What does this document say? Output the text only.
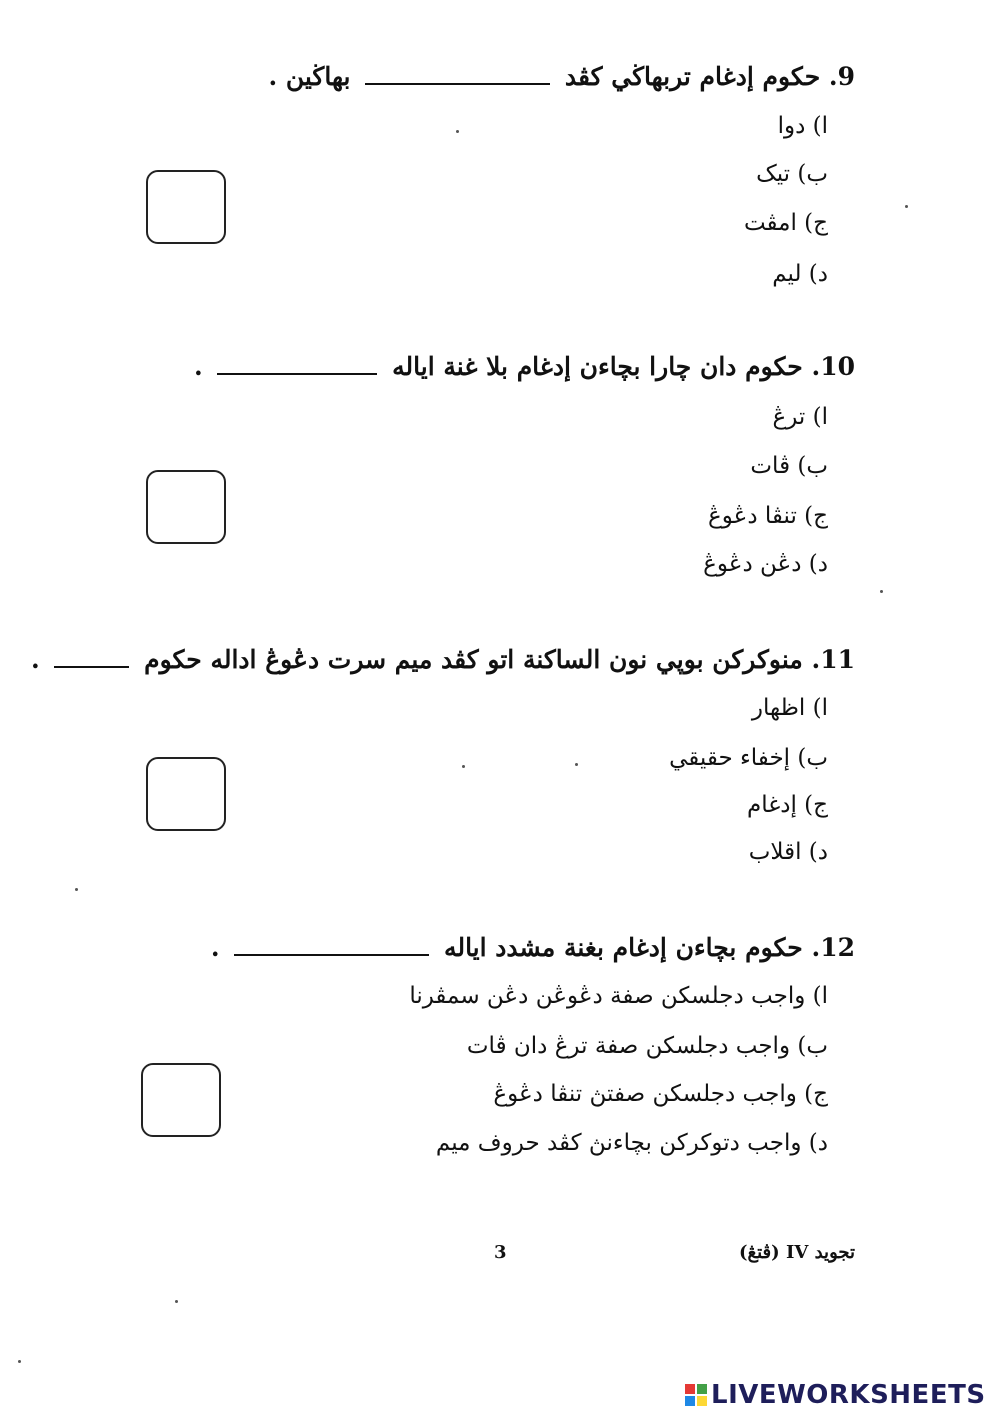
9. حكوم إدغام تربهاڬي كڤد  بهاڬين .
ا) دوا
ب) تيک
ج) امڤت
د) ليم
10. حكوم دان چارا بچاءن إدغام بلا غنة اياله  .
ا) ترڠ
ب) ڤات
ج) تنڤا دڠوڠ
د) دڠن دڠوڠ
11. منوكركن بوڽي نون الساكنة اتو كڤد ميم سرت دڠوڠ اداله حكوم  .
ا) اظهار
ب) إخفاء حقيقي
ج) إدغام
د) اقلاب
12. حكوم بچاءن إدغام بغنة مشدد ايالە  .
ا) واجب دجلسكن صفة دڠوڠن دڠن سمڤرنا
ب) واجب دجلسكن صفة ترڠ دان ڤات
ج) واجب دجلسكن صفتڽ تنڤا دڠوڠ
د) واجب دتوكركن بچاءنڽ كڤد حروف ميم
3	تجويد IV (ڤتڠ)
LIVEWORKSHEETS
